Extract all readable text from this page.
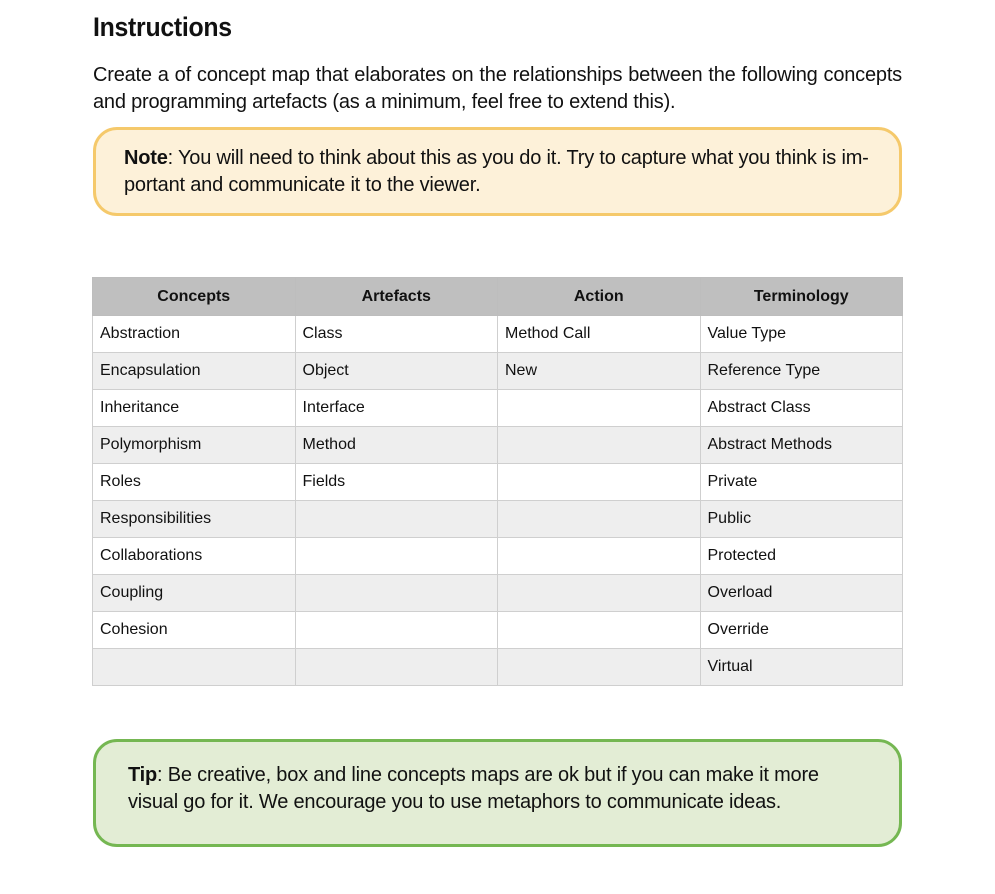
Instructions

Create a of concept map that elaborates on the relationships between the following concepts and programming artefacts (as a minimum, feel free to extend this).

Note: You will need to think about this as you do it. Try to capture what you think is im-portant and communicate it to the viewer.

Concepts	Artefacts	Action	Terminology
Abstraction	Class	Method Call	Value Type
Encapsulation	Object	New	Reference Type
Inheritance	Interface		Abstract Class
Polymorphism	Method		Abstract Methods
Roles	Fields		Private
Responsibilities			Public
Collaborations			Protected
Coupling			Overload
Cohesion			Override
			Virtual

Tip: Be creative, box and line concepts maps are ok but if you can make it more visual go for it. We encourage you to use metaphors to communicate ideas.
